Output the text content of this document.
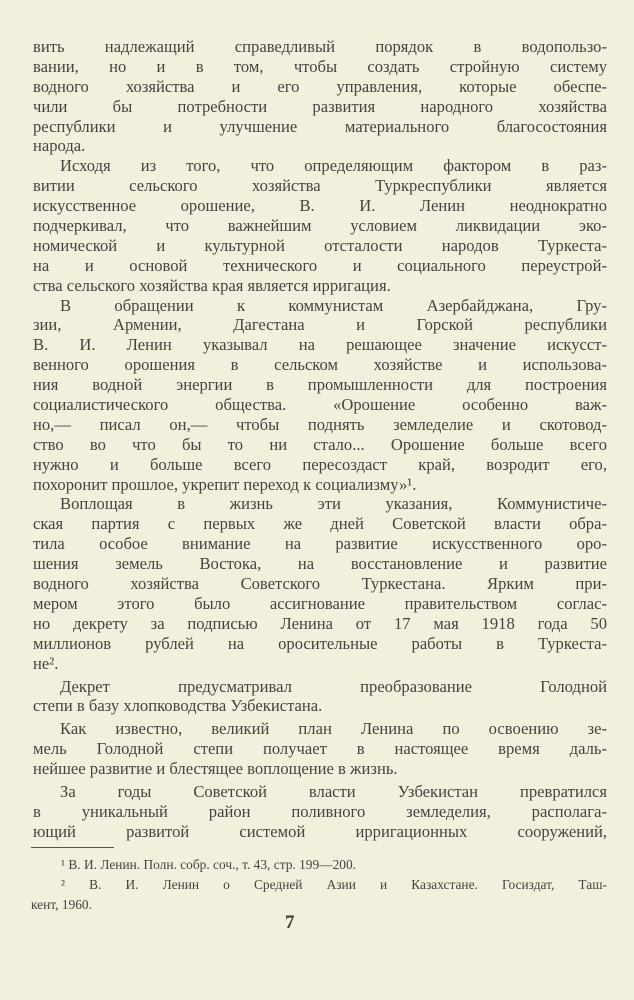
вить надлежащий справедливый порядок в водопользо-
вании, но и в том, чтобы создать стройную систему
водного хозяйства и его управления, которые обеспе-
чили бы потребности развития народного хозяйства
республики и улучшение материального благосостояния
народа.
Исходя из того, что определяющим фактором в раз-
витии сельского хозяйства Туркреспублики является
искусственное орошение, В. И. Ленин неоднократно
подчеркивал, что важнейшим условием ликвидации эко-
номической и культурной отсталости народов Туркеста-
на и основой технического и социального переустрой-
ства сельского хозяйства края является ирригация.
В обращении к коммунистам Азербайджана, Гру-
зии, Армении, Дагестана и Горской республики
В. И. Ленин указывал на решающее значение искусст-
венного орошения в сельском хозяйстве и использова-
ния водной энергии в промышленности для построения
социалистического общества. «Орошение особенно важ-
но,— писал он,— чтобы поднять земледелие и скотовод-
ство во что бы то ни стало... Орошение больше всего
нужно и больше всего пересоздаст край, возродит его,
похоронит прошлое, укрепит переход к социализму»¹.
Воплощая в жизнь эти указания, Коммунистиче-
ская партия с первых же дней Советской власти обра-
тила особое внимание на развитие искусственного оро-
шения земель Востока, на восстановление и развитие
водного хозяйства Советского Туркестана. Ярким при-
мером этого было ассигнование правительством соглас-
но декрету за подписью Ленина от 17 мая 1918 года 50
миллионов рублей на оросительные работы в Туркеста-
не².
Декрет предусматривал преобразование Голодной
степи в базу хлопководства Узбекистана.
Как известно, великий план Ленина по освоению зе-
мель Голодной степи получает в настоящее время даль-
нейшее развитие и блестящее воплощение в жизнь.
За годы Советской власти Узбекистан превратился
в уникальный район поливного земледелия, располага-
ющий развитой системой ирригационных сооружений,
¹ В. И. Ленин. Полн. собр. соч., т. 43, стр. 199—200.
² В. И. Ленин о Средней Азии и Казахстане. Госиздат, Таш-
кент, 1960.
7
